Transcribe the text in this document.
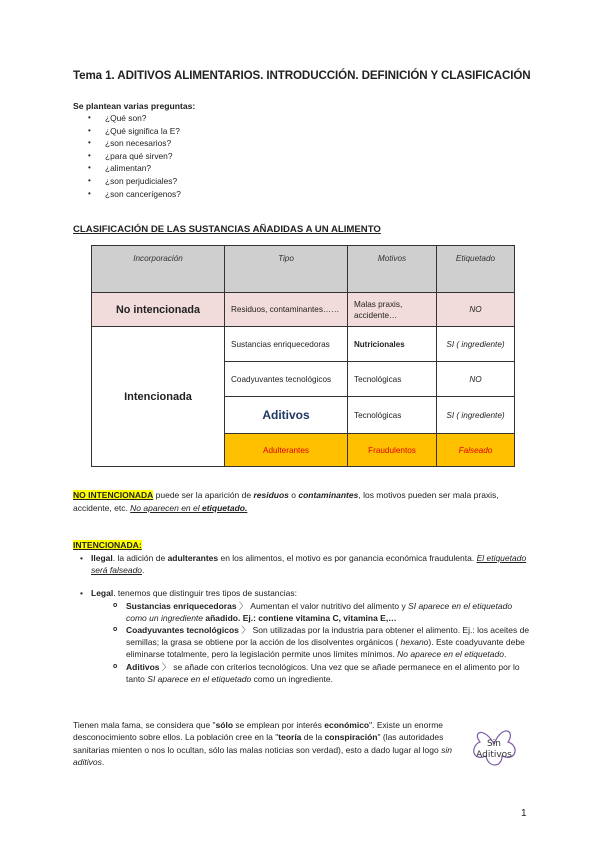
Tema 1. ADITIVOS ALIMENTARIOS. INTRODUCCIÓN. DEFINICIÓN Y CLASIFICACIÓN
Se plantean varias preguntas:
• ¿Qué son?
• ¿Qué significa la E?
• ¿son necesarios?
• ¿para qué sirven?
• ¿alimentan?
• ¿son perjudiciales?
• ¿son cancerígenos?
CLASIFICACIÓN DE LAS SUSTANCIAS AÑADIDAS A UN ALIMENTO
Incorporación	Tipo	Motivos	Etiquetado
No intencionada	Residuos, contaminantes……	Malas praxis, accidente…	NO
Intencionada	Sustancias enriquecedoras	Nutricionales	SI ( ingrediente)
	Coadyuvantes tecnológicos	Tecnológicas	NO
	Aditivos	Tecnológicas	SI ( ingrediente)
	Adulterantes	Fraudulentos	Falseado
NO INTENCIONADA puede ser la aparición de residuos o contaminantes, los motivos pueden ser mala praxis, accidente, etc. No aparecen en el etiquetado.
INTENCIONADA:
• Ilegal. la adición de adulterantes en los alimentos, el motivo es por ganancia económica fraudulenta. El etiquetado será falseado.
• Legal. tenemos que distinguir tres tipos de sustancias:
o Sustancias enriquecedoras 〉 Aumentan el valor nutritivo del alimento y SI aparece en el etiquetado como un ingrediente añadido. Ej.: contiene vitamina C, vitamina E,…
o Coadyuvantes tecnológicos 〉 Son utilizadas por la industria para obtener el alimento. Ej.: los aceites de semillas; la grasa se obtiene por la acción de los disolventes orgánicos ( hexano). Este coadyuvante debe eliminarse totalmente, pero la legislación permite unos límites mínimos. No aparece en el etiquetado.
o Aditivos 〉 se añade con criterios tecnológicos. Una vez que se añade permanece en el alimento por lo tanto SI aparece en el etiquetado como un ingrediente.
Tienen mala fama, se considera que "sólo se emplean por interés económico". Existe un enorme desconocimiento sobre ellos. La población cree en la "teoría de la conspiración" (las autoridades sanitarias mienten o nos lo ocultan, sólo las malas noticias son verdad), esto a dado lugar al logo sin aditivos.
Sin
Aditivos
1
